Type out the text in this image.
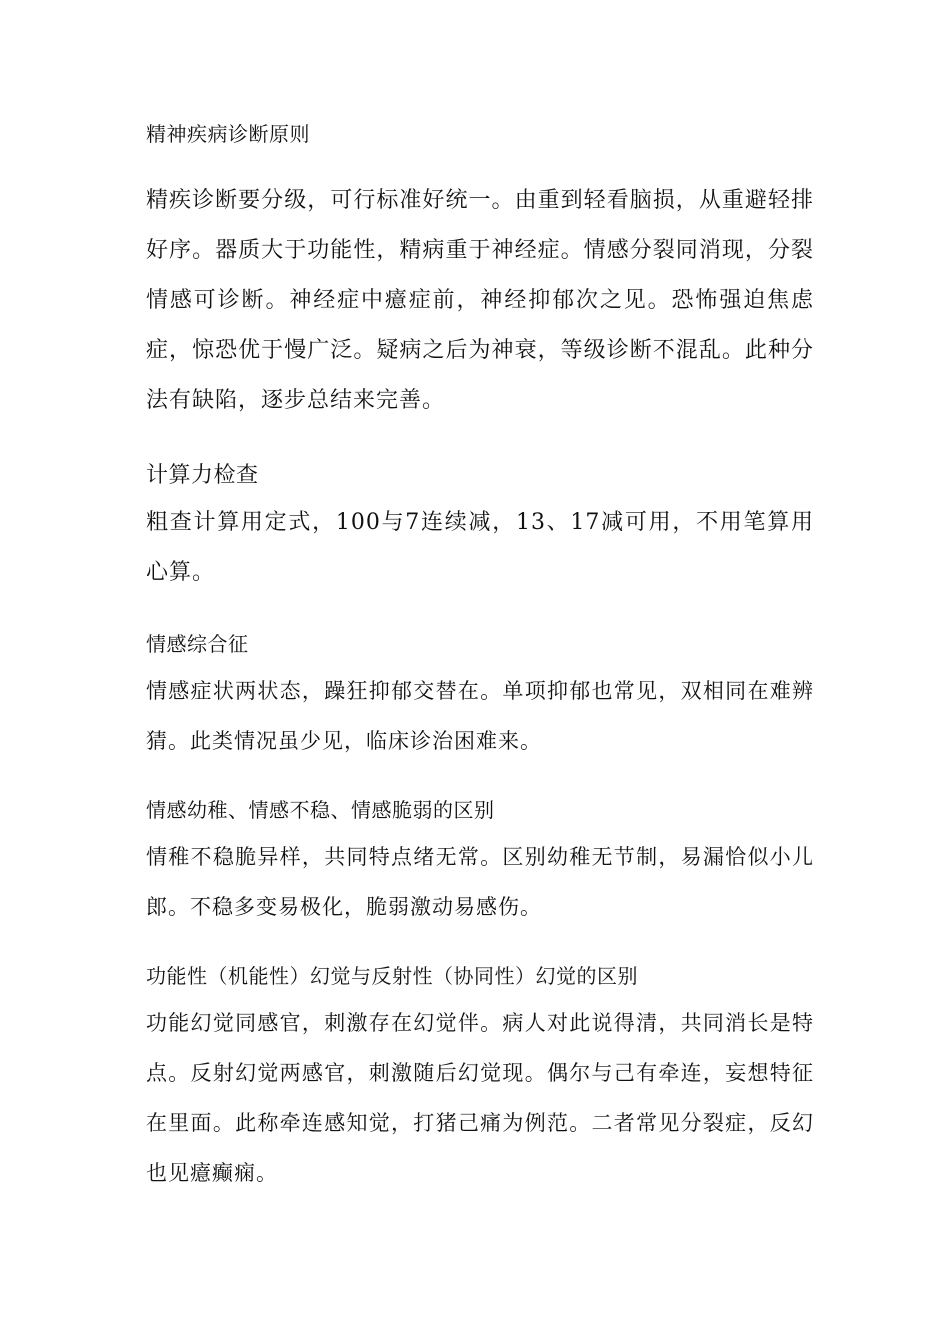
精神疾病诊断原则

精疾诊断要分级，可行标准好统一。由重到轻看脑损，从重避轻排好序。器质大于功能性，精病重于神经症。情感分裂同消现，分裂情感可诊断。神经症中癔症前，神经抑郁次之见。恐怖强迫焦虑症，惊恐优于慢广泛。疑病之后为神衰，等级诊断不混乱。此种分法有缺陷，逐步总结来完善。

计算力检查

粗查计算用定式，100与7连续减，13、17减可用，不用笔算用心算。

情感综合征

情感症状两状态，躁狂抑郁交替在。单项抑郁也常见，双相同在难辨猜。此类情况虽少见，临床诊治困难来。

情感幼稚、情感不稳、情感脆弱的区别

情稚不稳脆异样，共同特点绪无常。区别幼稚无节制，易漏恰似小儿郎。不稳多变易极化，脆弱激动易感伤。

功能性（机能性）幻觉与反射性（协同性）幻觉的区别

功能幻觉同感官，刺激存在幻觉伴。病人对此说得清，共同消长是特点。反射幻觉两感官，刺激随后幻觉现。偶尔与己有牵连，妄想特征在里面。此称牵连感知觉，打猪己痛为例范。二者常见分裂症，反幻也见癔癫痫。
